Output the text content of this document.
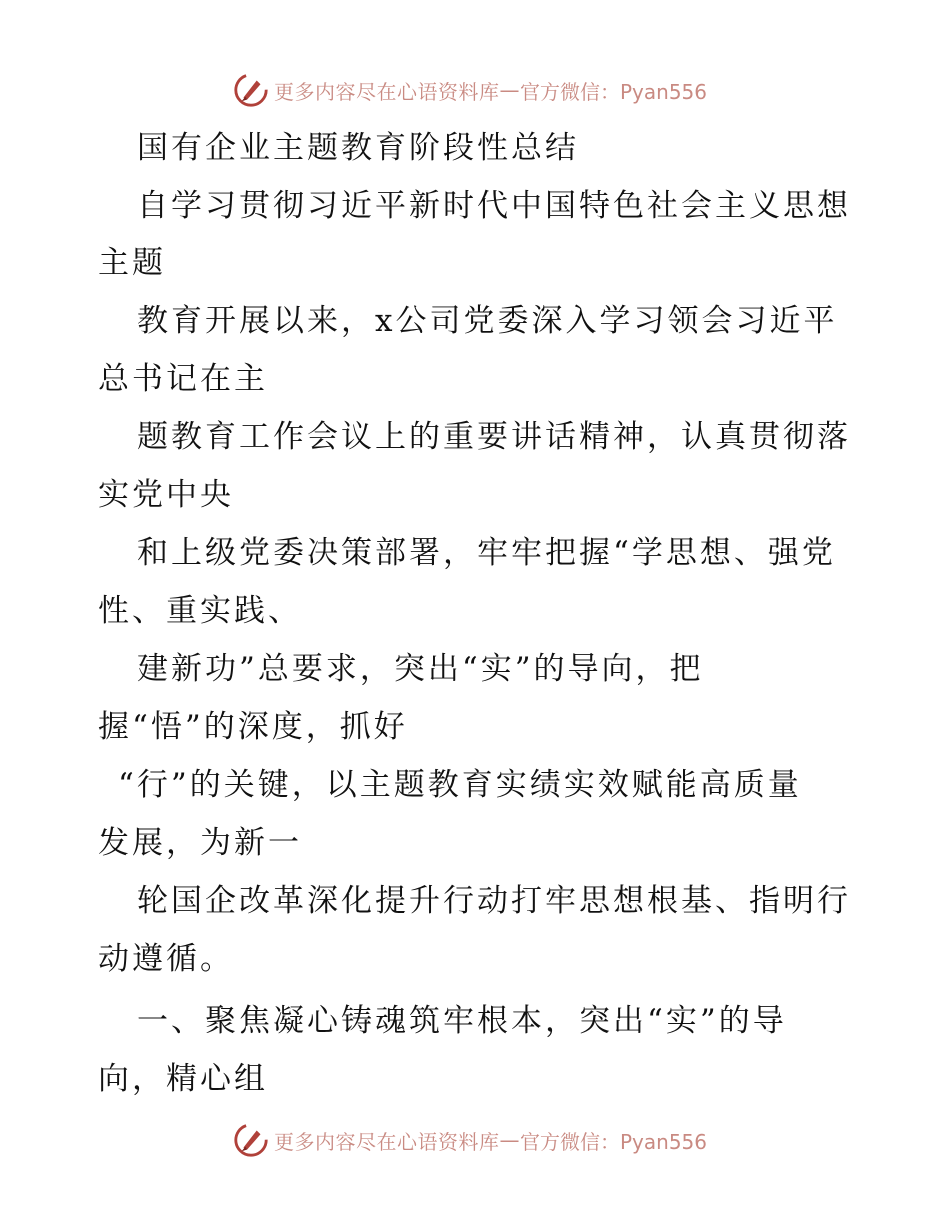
更多内容尽在心语资料库 — 官方微信：Pyan556
国有企业主题教育阶段性总结
自学习贯彻习近平新时代中国特色社会主义思想
主题
教育开展以来，x公司党委深入学习领会习近平
总书记在主
题教育工作会议上的重要讲话精神，认真贯彻落
实党中央
和上级党委决策部署，牢牢把握“学思想、强党
性、重实践、
建新功”总要求，突出“实”的导向，把
握“悟”的深度，抓好
“行”的关键，以主题教育实绩实效赋能高质量
发展，为新一
轮国企改革深化提升行动打牢思想根基、指明行
动遵循。
一、聚焦凝心铸魂筑牢根本，突出“实”的导
向，精心组
更多内容尽在心语资料库 — 官方微信：Pyan556
